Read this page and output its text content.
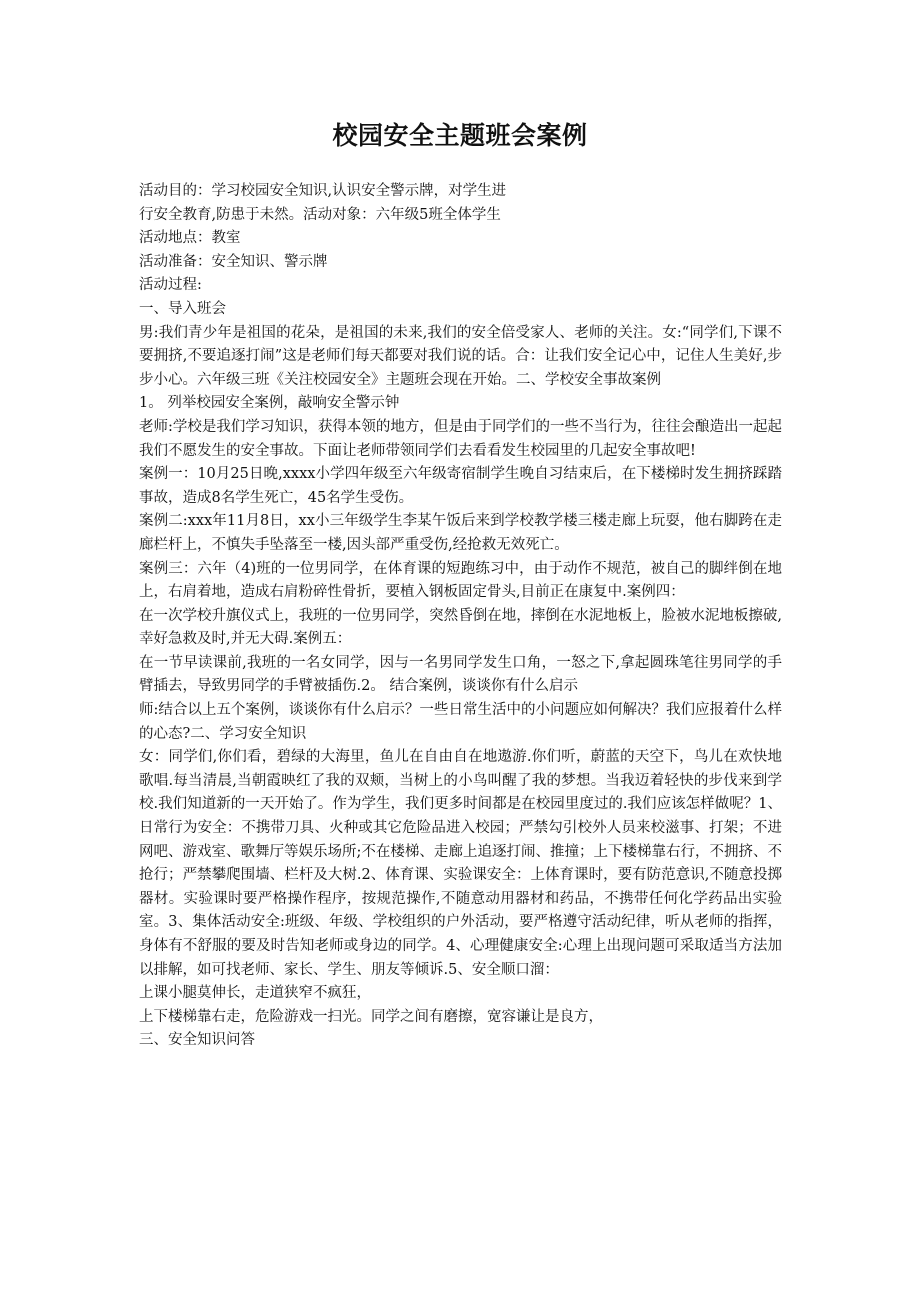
校园安全主题班会案例

活动目的：学习校园安全知识,认识安全警示牌，对学生进

行安全教育,防患于未然。活动对象：六年级5班全体学生

活动地点：教室

活动准备：安全知识、警示牌

活动过程:

一、导入班会

男:我们青少年是祖国的花朵，是祖国的未来,我们的安全倍受家人、老师的关注。女:“同学们,下课不要拥挤,不要追逐打闹”这是老师们每天都要对我们说的话。合：让我们安全记心中，记住人生美好,步步小心。六年级三班《关注校园安全》主题班会现在开始。二、学校安全事故案例

1。 列举校园安全案例，敲响安全警示钟

老师:学校是我们学习知识，获得本领的地方，但是由于同学们的一些不当行为，往往会酿造出一起起我们不愿发生的安全事故。下面让老师带领同学们去看看发生校园里的几起安全事故吧!

案例一：10月25日晚,xxxx小学四年级至六年级寄宿制学生晚自习结束后，在下楼梯时发生拥挤踩踏事故，造成8名学生死亡，45名学生受伤。

案例二:xxx年11月8日，xx小三年级学生李某午饭后来到学校教学楼三楼走廊上玩耍，他右脚跨在走廊栏杆上，不慎失手坠落至一楼,因头部严重受伤,经抢救无效死亡。

案例三：六年（4)班的一位男同学，在体育课的短跑练习中，由于动作不规范，被自己的脚绊倒在地上，右肩着地，造成右肩粉碎性骨折，要植入钢板固定骨头,目前正在康复中.案例四：

在一次学校升旗仪式上，我班的一位男同学，突然昏倒在地，摔倒在水泥地板上，脸被水泥地板擦破,幸好急救及时,并无大碍.案例五：

在一节早读课前,我班的一名女同学，因与一名男同学发生口角，一怒之下,拿起圆珠笔往男同学的手臂插去，导致男同学的手臂被插伤.2。 结合案例，谈谈你有什么启示

师:结合以上五个案例，谈谈你有什么启示？一些日常生活中的小问题应如何解决？我们应报着什么样的心态?二、学习安全知识

女：同学们,你们看，碧绿的大海里，鱼儿在自由自在地遨游.你们听，蔚蓝的天空下，鸟儿在欢快地歌唱.每当清晨,当朝霞映红了我的双颊，当树上的小鸟叫醒了我的梦想。当我迈着轻快的步伐来到学校.我们知道新的一天开始了。作为学生，我们更多时间都是在校园里度过的.我们应该怎样做呢？1、日常行为安全：不携带刀具、火种或其它危险品进入校园；严禁勾引校外人员来校滋事、打架；不进网吧、游戏室、歌舞厅等娱乐场所;不在楼梯、走廊上追逐打闹、推撞；上下楼梯靠右行，不拥挤、不抢行；严禁攀爬围墙、栏杆及大树.2、体育课、实验课安全：上体育课时，要有防范意识,不随意投掷器材。实验课时要严格操作程序，按规范操作,不随意动用器材和药品，不携带任何化学药品出实验室。3、集体活动安全:班级、年级、学校组织的户外活动，要严格遵守活动纪律，听从老师的指挥，身体有不舒服的要及时告知老师或身边的同学。4、心理健康安全:心理上出现问题可采取适当方法加以排解，如可找老师、家长、学生、朋友等倾诉.5、安全顺口溜：

上课小腿莫伸长，走道狭窄不疯狂，

上下楼梯靠右走，危险游戏一扫光。同学之间有磨擦，宽容谦让是良方，

三、安全知识问答
